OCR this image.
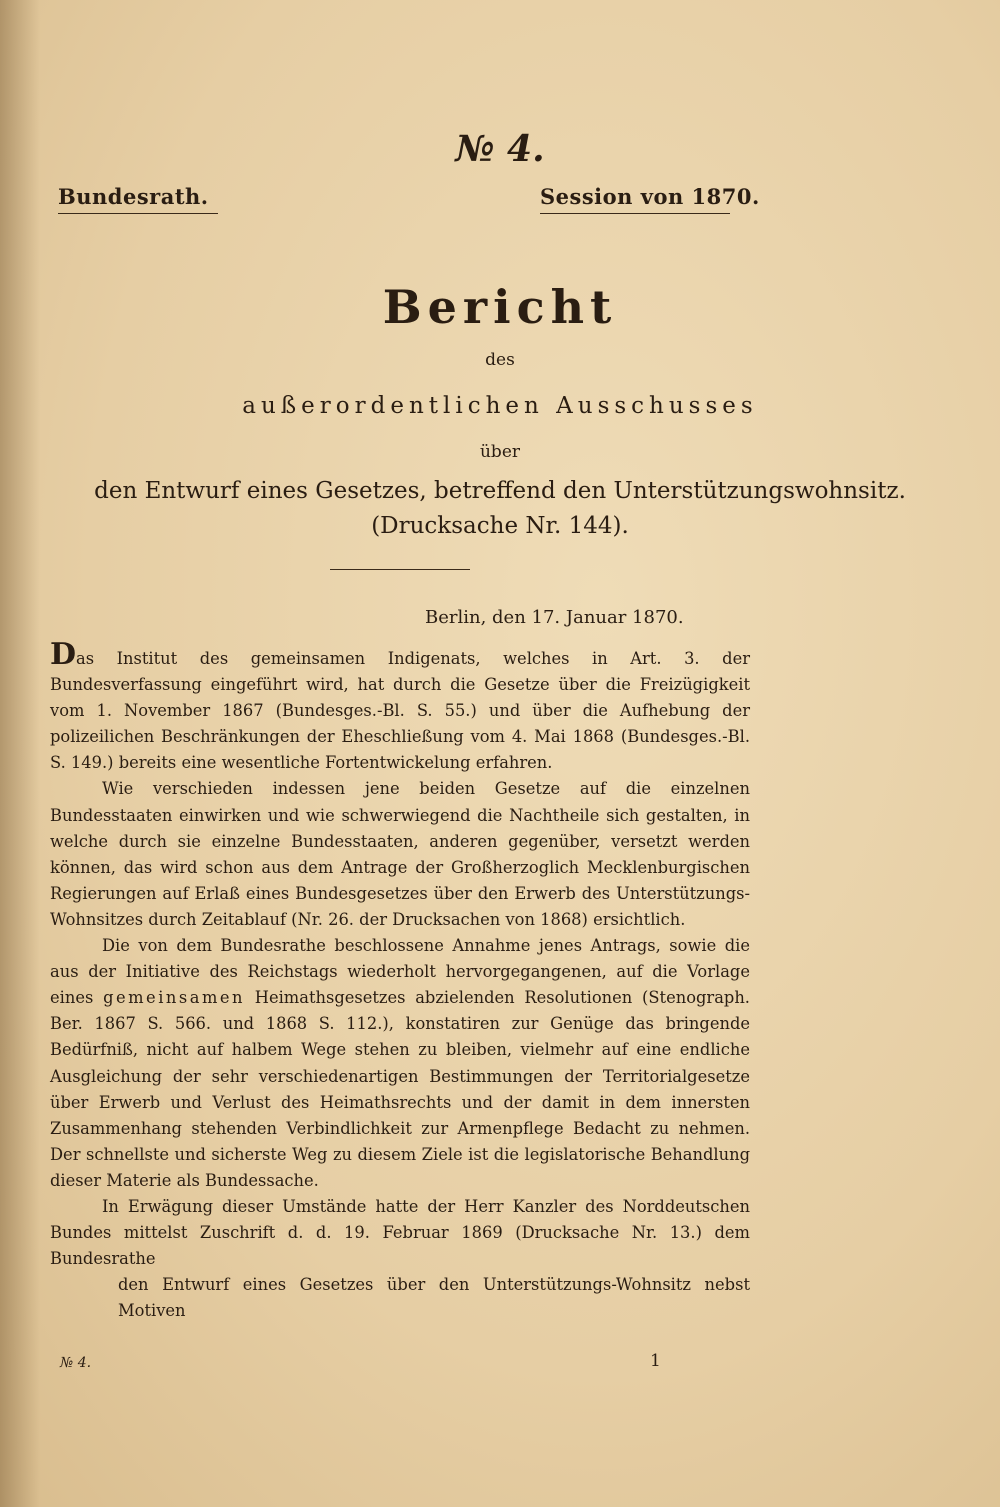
№ 4.
Bundesrath.	Session von 1870.
Bericht
des
außerordentlichen Ausschusses
über
den Entwurf eines Gesetzes, betreffend den Unterstützungswohnsitz.
(Drucksache Nr. 144).
Berlin, den 17. Januar 1870.

Das Institut des gemeinsamen Indigenats, welches in Art. 3. der Bundesverfassung eingeführt wird, hat durch die Gesetze über die Freizügigkeit vom 1. November 1867 (Bundesges.-Bl. S. 55.) und über die Aufhebung der polizeilichen Beschränkungen der Eheschließung vom 4. Mai 1868 (Bundesges.-Bl. S. 149.) bereits eine wesentliche Fortentwickelung erfahren.

Wie verschieden indessen jene beiden Gesetze auf die einzelnen Bundesstaaten einwirken und wie schwerwiegend die Nachtheile sich gestalten, in welche durch sie einzelne Bundesstaaten, anderen gegenüber, versetzt werden können, das wird schon aus dem Antrage der Großherzoglich Mecklenburgischen Regierungen auf Erlaß eines Bundesgesetzes über den Erwerb des Unterstützungs-Wohnsitzes durch Zeitablauf (Nr. 26. der Drucksachen von 1868) ersichtlich.

Die von dem Bundesrathe beschlossene Annahme jenes Antrags, sowie die aus der Initiative des Reichstags wiederholt hervorgegangenen, auf die Vorlage eines gemeinsamen Heimathsgesetzes abzielenden Resolutionen (Stenograph. Ber. 1867 S. 566. und 1868 S. 112.), konstatiren zur Genüge das bringende Bedürfniß, nicht auf halbem Wege stehen zu bleiben, vielmehr auf eine endliche Ausgleichung der sehr verschiedenartigen Bestimmungen der Territorialgesetze über Erwerb und Verlust des Heimathsrechts und der damit in dem innersten Zusammenhang stehenden Verbindlichkeit zur Armenpflege Bedacht zu nehmen. Der schnellste und sicherste Weg zu diesem Ziele ist die legislatorische Behandlung dieser Materie als Bundessache.

In Erwägung dieser Umstände hatte der Herr Kanzler des Norddeutschen Bundes mittelst Zuschrift d. d. 19. Februar 1869 (Drucksache Nr. 13.) dem Bundesrathe

den Entwurf eines Gesetzes über den Unterstützungs-Wohnsitz nebst Motiven

№ 4.	1
